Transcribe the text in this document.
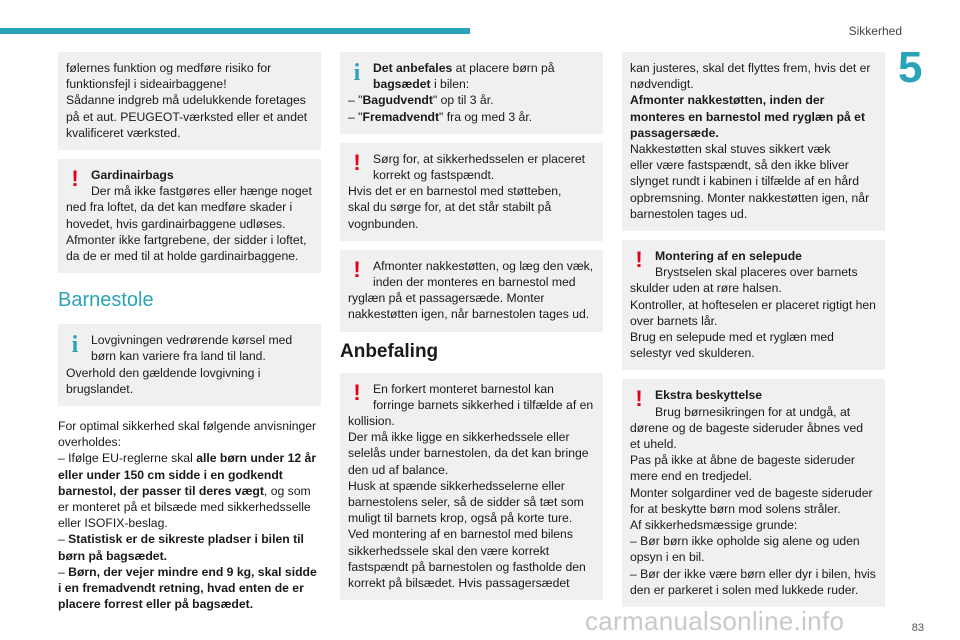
Sikkerhed
5
følernes funktion og medføre risiko for
funktionsfejl i sideairbaggene!
Sådanne indgreb må udelukkende foretages
på et aut. PEUGEOT-værksted eller et andet
kvalificeret værksted.
!	Gardinairbags
Der må ikke fastgøres eller hænge noget
ned fra loftet, da det kan medføre skader i
hovedet, hvis gardinairbaggene udløses.
Afmonter ikke fartgrebene, der sidder i loftet,
da de er med til at holde gardinairbaggene.
Barnestole
i	Lovgivningen vedrørende kørsel med
børn kan variere fra land til land.
Overhold den gældende lovgivning i
brugslandet.
For optimal sikkerhed skal følgende anvisninger
overholdes:
– Ifølge EU-reglerne skal alle børn under 12 år eller under 150 cm sidde i en godkendt barnestol, der passer til deres vægt, og som er monteret på et bilsæde med sikkerhedsselle eller ISOFIX-beslag.
– Statistisk er de sikreste pladser i bilen til børn på bagsædet.
– Børn, der vejer mindre end 9 kg, skal sidde i en fremadvendt retning, hvad enten de er placere forrest eller på bagsædet.
i	Det anbefales at placere børn på
bagsædet i bilen:
– "Bagudvendt" op til 3 år.
– "Fremadvendt" fra og med 3 år.
!	Sørg for, at sikkerhedsselen er placeret
korrekt og fastspændt.
Hvis det er en barnestol med støtteben,
skal du sørge for, at det står stabilt på
vognbunden.
!	Afmonter nakkestøtten, og læg den væk,
inden der monteres en barnestol med
ryglæn på et passagersæde. Monter
nakkestøtten igen, når barnestolen tages ud.
Anbefaling
!	En forkert monteret barnestol kan
forringe barnets sikkerhed i tilfælde af en
kollision.
Der må ikke ligge en sikkerhedssele eller
selelås under barnestolen, da det kan bringe
den ud af balance.
Husk at spænde sikkerhedsselerne eller
barnestolens seler, så de sidder så tæt som
muligt til barnets krop, også på korte ture.
Ved montering af en barnestol med bilens
sikkerhedssele skal den være korrekt
fastspændt på barnestolen og fastholde den
korrekt på bilsædet. Hvis passagersædet
kan justeres, skal det flyttes frem, hvis det er
nødvendigt.
Afmonter nakkestøtten, inden der
monteres en barnestol med ryglæn på et
passagersæde.
Nakkestøtten skal stuves sikkert væk
eller være fastspændt, så den ikke bliver
slynget rundt i kabinen i tilfælde af en hård
opbremsning. Monter nakkestøtten igen, når
barnestolen tages ud.
!	Montering af en selepude
Brystselen skal placeres over barnets
skulder uden at røre halsen.
Kontroller, at hofteselen er placeret rigtigt hen
over barnets lår.
Brug en selepude med et ryglæn med
selestyr ved skulderen.
!	Ekstra beskyttelse
Brug børnesikringen for at undgå, at
dørene og de bageste sideruder åbnes ved
et uheld.
Pas på ikke at åbne de bageste sideruder
mere end en tredjedel.
Monter solgardiner ved de bageste sideruder
for at beskytte børn mod solens stråler.
Af sikkerhedsmæssige grunde:
– Bør børn ikke opholde sig alene og uden
opsyn i en bil.
– Bør der ikke være børn eller dyr i bilen, hvis
den er parkeret i solen med lukkede ruder.
carmanualsonline.info	83
